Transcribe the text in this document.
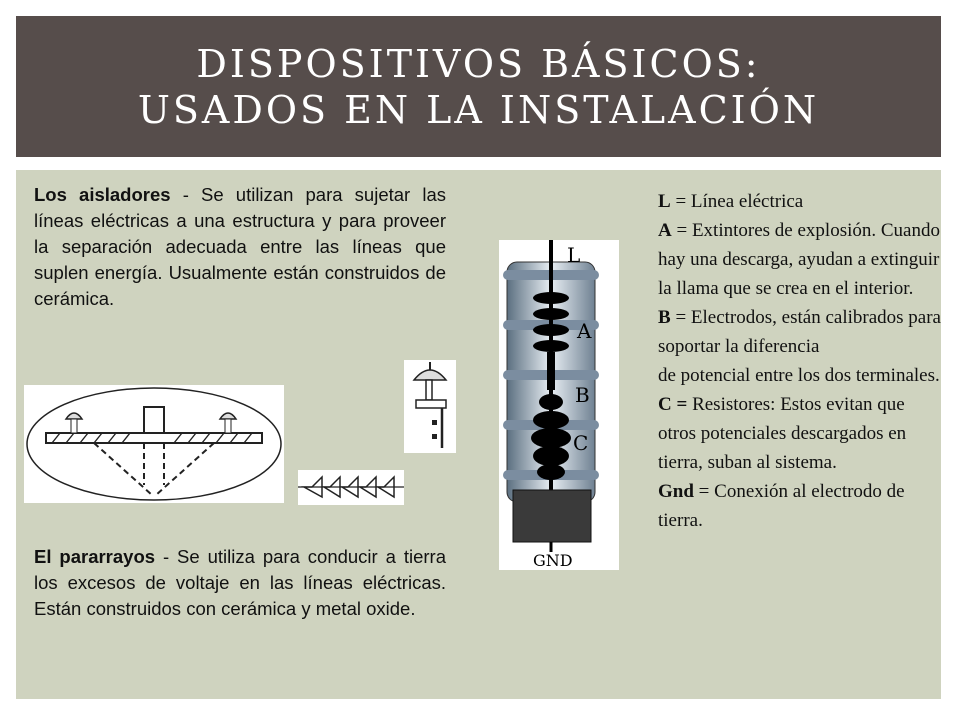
DISPOSITIVOS BÁSICOS:
USADOS EN LA INSTALACIÓN

Los aisladores - Se utilizan para sujetar las líneas eléctricas a una estructura y para proveer la separación adecuada entre las líneas que suplen energía. Usualmente están construidos de cerámica.

El pararrayos - Se utiliza para conducir a tierra los excesos de voltaje en las líneas eléctricas. Están construidos con cerámica y metal oxide.

L
A
B
C
GND
L = Línea eléctrica
A = Extintores de explosión. Cuando hay una descarga, ayudan a extinguir la llama que se crea en el interior.
B = Electrodos, están calibrados para soportar la diferencia
de potencial entre los dos terminales.
C = Resistores: Estos evitan que otros potenciales descargados en tierra, suban al sistema.
Gnd = Conexión al electrodo de tierra.
